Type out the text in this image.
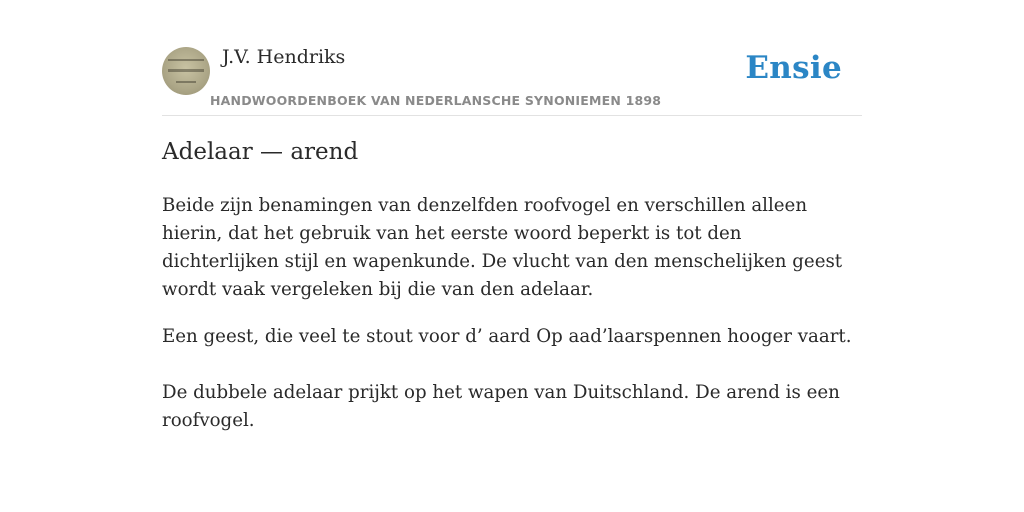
J.V. Hendriks
HANDWOORDENBOEK VAN NEDERLANSCHE SYNONIEMEN 1898
Ensie
Adelaar — arend

Beide zijn benamingen van denzelfden roofvogel en verschillen alleen hierin, dat het gebruik van het eerste woord beperkt is tot den dichterlijken stijl en wapenkunde. De vlucht van den menschelijken geest wordt vaak vergeleken bij die van den adelaar.

Een geest, die veel te stout voor d’ aard Op aad’laarspennen hooger vaart.

De dubbele adelaar prijkt op het wapen van Duitschland. De arend is een roofvogel.
